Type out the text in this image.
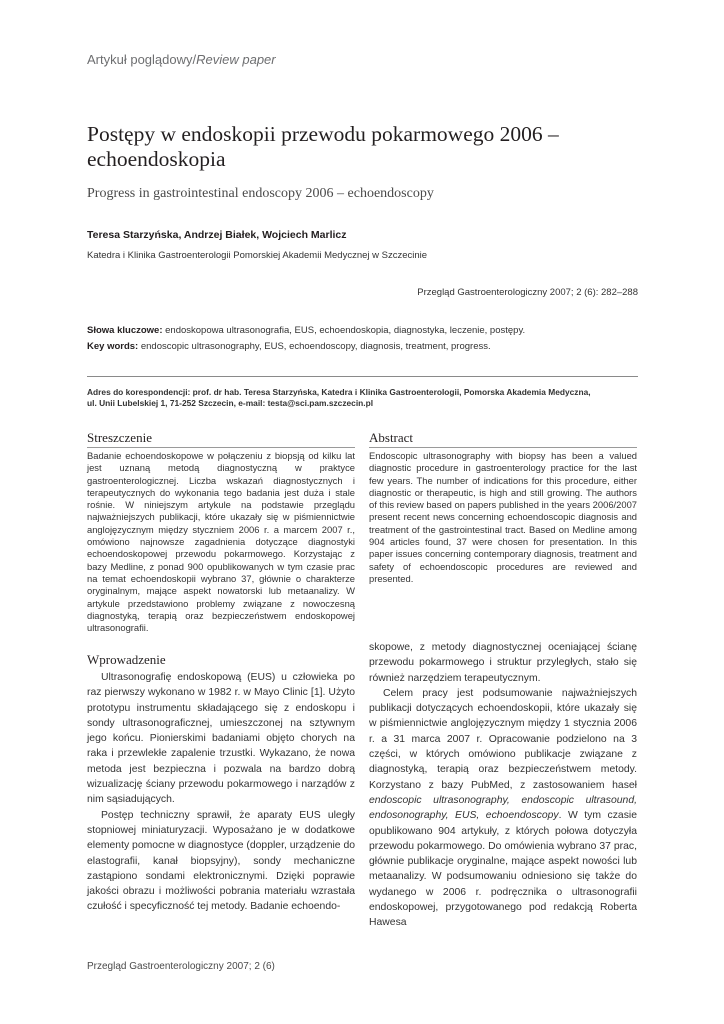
Artykuł poglądowy/Review paper
Postępy w endoskopii przewodu pokarmowego 2006 – echoendoskopia
Progress in gastrointestinal endoscopy 2006 – echoendoscopy
Teresa Starzyńska, Andrzej Białek, Wojciech Marlicz
Katedra i Klinika Gastroenterologii Pomorskiej Akademii Medycznej w Szczecinie
Przegląd Gastroenterologiczny 2007; 2 (6): 282–288
Słowa kluczowe: endoskopowa ultrasonografia, EUS, echoendoskopia, diagnostyka, leczenie, postępy.
Key words: endoscopic ultrasonography, EUS, echoendoscopy, diagnosis, treatment, progress.
Adres do korespondencji: prof. dr hab. Teresa Starzyńska, Katedra i Klinika Gastroenterologii, Pomorska Akademia Medyczna,
ul. Unii Lubelskiej 1, 71-252 Szczecin, e-mail: testa@sci.pam.szczecin.pl
Streszczenie

Badanie echoendoskopowe w połączeniu z biopsją od kilku lat jest uznaną metodą diagnostyczną w praktyce gastroenterologicznej. Liczba wskazań diagnostycznych i terapeutycznych do wykonania tego badania jest duża i stale rośnie. W niniejszym artykule na podstawie przeglądu najważniejszych publikacji, które ukazały się w piśmiennictwie anglojęzycznym między styczniem 2006 r. a marcem 2007 r., omówiono najnowsze zagadnienia dotyczące diagnostyki echoendoskopowej przewodu pokarmowego. Korzystając z bazy Medline, z ponad 900 opublikowanych w tym czasie prac na temat echoendoskopii wybrano 37, głównie o charakterze oryginalnym, mające aspekt nowatorski lub metaanalizy. W artykule przedstawiono problemy związane z nowoczesną diagnostyką, terapią oraz bezpieczeństwem endoskopowej ultrasonografii.

Abstract

Endoscopic ultrasonography with biopsy has been a valued diagnostic procedure in gastroenterology practice for the last few years. The number of indications for this procedure, either diagnostic or therapeutic, is high and still growing. The authors of this review based on papers published in the years 2006/2007 present recent news concerning echoendoscopic diagnosis and treatment of the gastrointestinal tract. Based on Medline among 904 articles found, 37 were chosen for presentation. In this paper issues concerning contemporary diagnosis, treatment and safety of echoendoscopic procedures are reviewed and presented.

Wprowadzenie

Ultrasonografię endoskopową (EUS) u człowieka po raz pierwszy wykonano w 1982 r. w Mayo Clinic [1]. Użyto prototypu instrumentu składającego się z endoskopu i sondy ultrasonograficznej, umieszczonej na sztywnym jego końcu. Pionierskimi badaniami objęto chorych na raka i przewlekłe zapalenie trzustki. Wykazano, że nowa metoda jest bezpieczna i pozwala na bardzo dobrą wizualizację ściany przewodu pokarmowego i narządów z nim sąsiadujących.

Postęp techniczny sprawił, że aparaty EUS uległy stopniowej miniaturyzacji. Wyposażano je w dodatkowe elementy pomocne w diagnostyce (doppler, urządzenie do elastografii, kanał biopsyjny), sondy mechaniczne zastąpiono sondami elektronicznymi. Dzięki poprawie jakości obrazu i możliwości pobrania materiału wzrastała czułość i specyficzność tej metody. Badanie echoendo-

skopowe, z metody diagnostycznej oceniającej ścianę przewodu pokarmowego i struktur przyległych, stało się również narzędziem terapeutycznym.

Celem pracy jest podsumowanie najważniejszych publikacji dotyczących echoendoskopii, które ukazały się w piśmiennictwie anglojęzycznym między 1 stycznia 2006 r. a 31 marca 2007 r. Opracowanie podzielono na 3 części, w których omówiono publikacje związane z diagnostyką, terapią oraz bezpieczeństwem metody. Korzystano z bazy PubMed, z zastosowaniem haseł endoscopic ultrasonography, endoscopic ultrasound, endosonography, EUS, echoendoscopy. W tym czasie opublikowano 904 artykuły, z których połowa dotyczyła przewodu pokarmowego. Do omówienia wybrano 37 prac, głównie publikacje oryginalne, mające aspekt nowości lub metaanalizy. W podsumowaniu odniesiono się także do wydanego w 2006 r. podręcznika o ultrasonografii endoskopowej, przygotowanego pod redakcją Roberta Hawesa

Przegląd Gastroenterologiczny 2007; 2 (6)
